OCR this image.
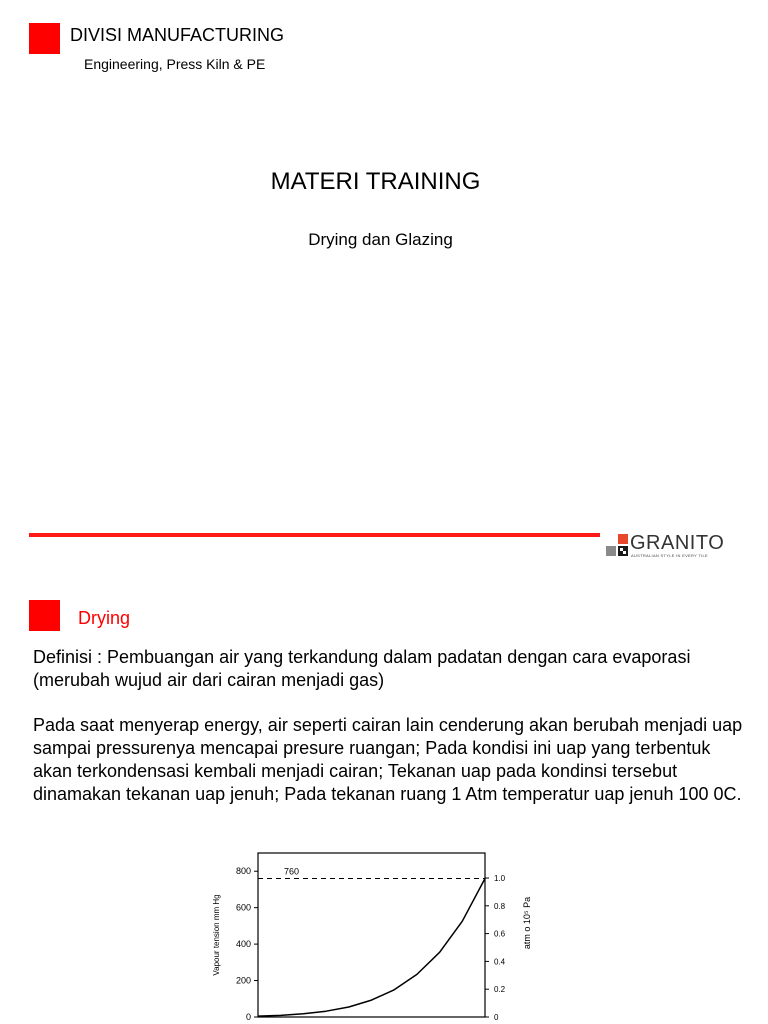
DIVISI MANUFACTURING
Engineering, Press Kiln & PE
MATERI TRAINING
Drying dan Glazing
GRANITO
AUSTRALIAN STYLE IN EVERY TILE
Drying
Definisi : Pembuangan air yang terkandung dalam padatan dengan cara evaporasi (merubah wujud air dari cairan menjadi gas)
Pada saat menyerap energy, air seperti cairan lain cenderung akan berubah menjadi uap sampai pressurenya mencapai presure ruangan; Pada kondisi ini uap yang terbentuk akan terkondensasi kembali menjadi cairan; Tekanan uap pada kondinsi tersebut dinamakan tekanan uap jenuh; Pada tekanan ruang 1 Atm temperatur uap jenuh 100 0C.
0
200
400
600
800
0
0.2
0.4
0.6
0.8
1.0
760
Vapour tension mm Hg	atm o 10⁵ Pa
